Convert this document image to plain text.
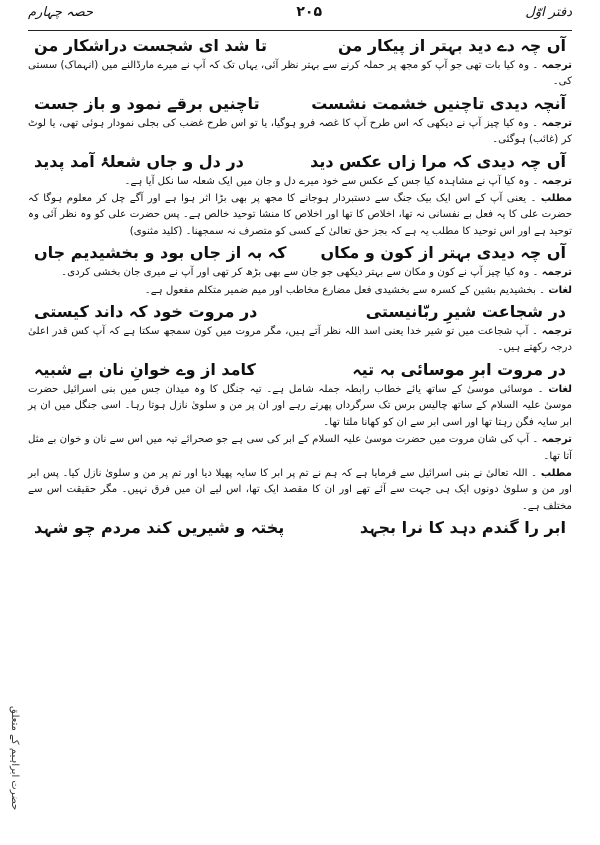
دفتر اوّل
۲۰۵
حصہ چہارم
آں چہ دے دید بہتر از پیکار من
تا شد ای شجست دراشکار من
ترجمہ ۔ وہ کیا بات تھی جو آپ کو مجھ پر حملہ کرنے سے بہتر نظر آئی، یہاں تک کہ آپ نے میرے مارڈالنے میں (انہماک) سستی کی۔
آنچہ دیدی تاچنیں خشمت نشست
تاچنیں برقے نمود و باز جست
ترجمہ ۔ وہ کیا چیز آپ نے دیکھی کہ اس طرح آپ کا غصہ فرو ہوگیا، یا تو اس طرح غضب کی بجلی نمودار ہوئی تھی، یا لوٹ کر (غائب) ہوگئی۔
آں چہ دیدی کہ مرا زاں عکس دید
در دل و جاں شعلۂ آمد پدید
ترجمہ ۔ وہ کیا آپ نے مشاہدہ کیا جس کے عکس سے خود میرے دل و جان میں ایک شعلہ سا نکل آیا ہے۔
مطلب ۔ یعنی آپ کے اس ایک بیک جنگ سے دستبردار ہوجانے کا مجھ پر بھی بڑا اثر ہوا ہے اور آگے چل کر معلوم ہوگا کہ حضرت علی کا یہ فعل بے نفسانی نہ تھا، اخلاص کا تھا اور اخلاص کا منشا توحید خالص ہے۔ پس حضرت علی کو وہ نظر آئی وہ توحید ہے اور اس توحید کا مطلب یہ ہے کہ بجز حق تعالیٰ کے کسی کو متصرف نہ سمجھنا۔ (کلید مثنوی)
آں چہ دیدی بہتر از کون و مکاں
کہ بہ از جاں بود و بخشیدیم جاں
ترجمہ ۔ وہ کیا چیز آپ نے کون و مکان سے بہتر دیکھی جو جان سے بھی بڑھ کر تھی اور آپ نے میری جان بخشی کردی۔
لغات ۔ بخشیدیم بشین کے کسرہ سے بخشیدی فعل مضارع مخاطب اور میم ضمیر متکلم مفعول ہے۔
در شجاعت شیرِ ربّانیستی
در مروت خود کہ داند کیستی
ترجمہ ۔ آپ شجاعت میں تو شیر خدا یعنی اسد اللہ نظر آتے ہیں، مگر مروت میں کون سمجھ سکتا ہے کہ آپ کس قدر اعلیٰ درجہ رکھتے ہیں۔
در مروت ابرِ موسائی بہ تیہ
کامد از وے خوانِ نان بے شبیہ
لغات ۔ موسائی موسیٰ کے ساتھ یائے خطاب رابطہ جملہ شامل ہے۔ تیہ جنگل کا وہ میدان جس میں بنی اسرائیل حضرت موسیٰ علیہ السلام کے ساتھ چالیس برس تک سرگرداں پھرتے رہے اور ان پر من و سلویٰ نازل ہوتا رہا۔ اسی جنگل میں ان پر ابر سایہ فگن رہتا تھا اور اسی ابر سے ان کو کھانا ملتا تھا۔
ترجمہ ۔ آپ کی شان مروت میں حضرت موسیٰ علیہ السلام کے ابر کی سی ہے جو صحرائے تیہ میں اس سے نان و خوان بے مثل آتا تھا۔
مطلب ۔ اللہ تعالیٰ نے بنی اسرائیل سے فرمایا ہے کہ ہم نے تم پر ابر کا سایہ پھیلا دیا اور تم پر من و سلویٰ نازل کیا۔ پس ابر اور من و سلویٰ دونوں ایک ہی جہت سے آئے تھے اور ان کا مقصد ایک تھا، اس لیے ان میں فرق نہیں۔ مگر حقیقت اس سے مختلف ہے۔
ابر را گندم دہد کا نرا بجہد
پختہ و شیریں کند مردم چو شہد
حضرت ابراہیم کے متعلق
